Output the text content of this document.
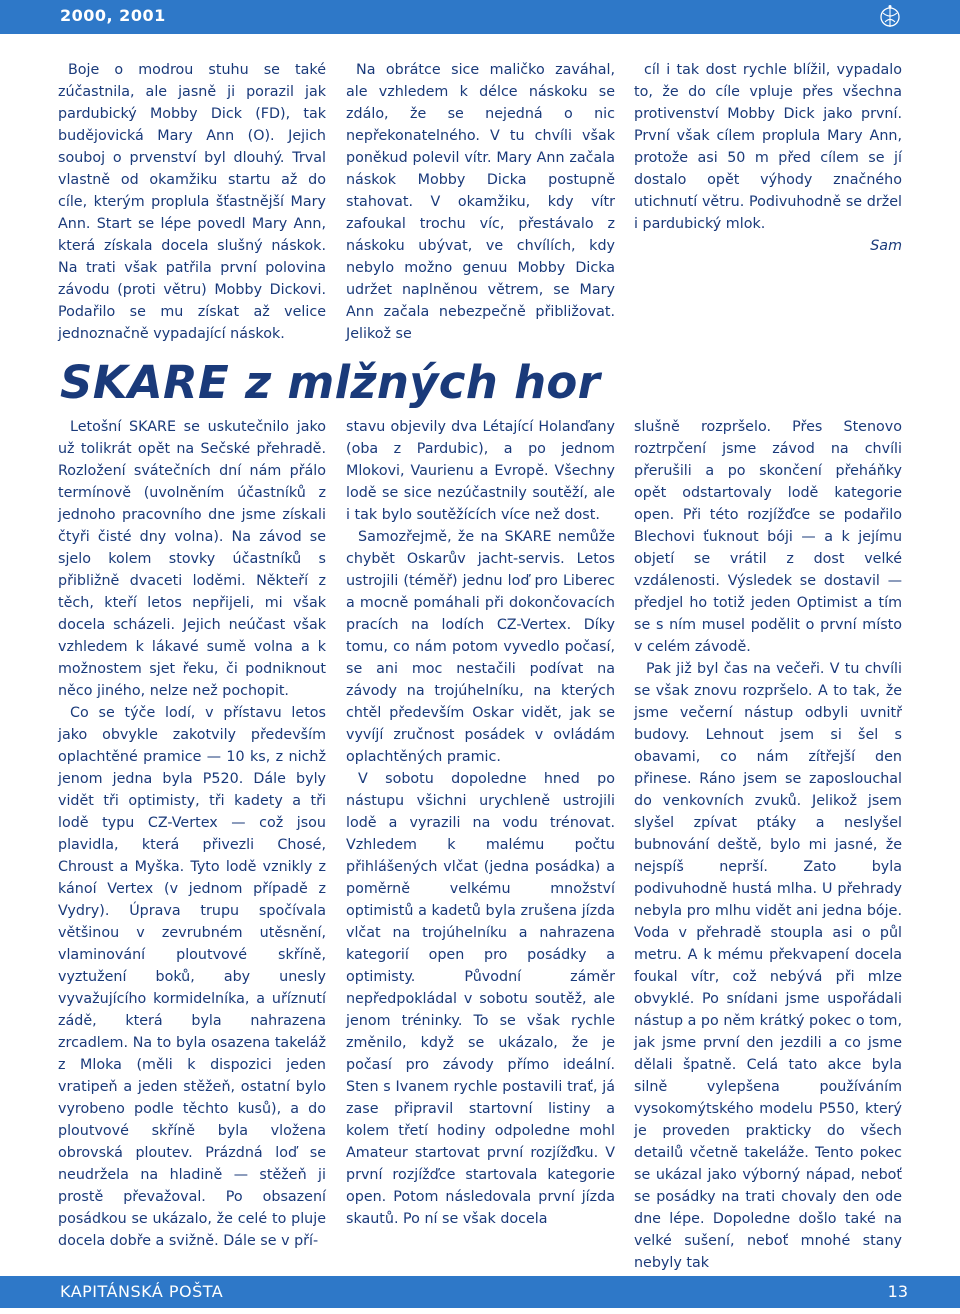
2000, 2001

Boje o modrou stuhu se také zúčastnila, ale jasně ji porazil jak pardubický Mobby Dick (FD), tak budějovická Mary Ann (O). Jejich souboj o prvenství byl dlouhý. Trval vlastně od okamžiku startu až do cíle, kterým proplula šťastnější Mary Ann. Start se lépe povedl Mary Ann, která získala docela slušný náskok. Na trati však patřila první polovina závodu (proti větru) Mobby Dickovi. Podařilo se mu získat až velice jednoznačně vypadající náskok.

Na obrátce sice maličko zaváhal, ale vzhledem k délce náskoku se zdálo, že se nejedná o nic nepřekonatelného. V tu chvíli však poněkud polevil vítr. Mary Ann začala náskok Mobby Dicka postupně stahovat. V okamžiku, kdy vítr zafoukal trochu víc, přestávalo z náskoku ubývat, ve chvílích, kdy nebylo možno genuu Mobby Dicka udržet naplněnou větrem, se Mary Ann začala nebezpečně přibližovat. Jelikož se

cíl i tak dost rychle blížil, vypadalo to, že do cíle vpluje přes všechna protivenství Mobby Dick jako první. První však cílem proplula Mary Ann, protože asi 50 m před cílem se jí dostalo opět výhody značného utichnutí větru. Podivuhodně se držel i pardubický mlok.

Sam

SKARE z mlžných hor

Letošní SKARE se uskutečnilo jako už tolikrát opět na Sečské přehradě. Rozložení svátečních dní nám přálo termínově (uvolněním účastníků z jednoho pracovního dne jsme získali čtyři čisté dny volna). Na závod se sjelo kolem stovky účastníků s přibližně dvaceti loděmi. Někteří z těch, kteří letos nepřijeli, mi však docela scházeli. Jejich neúčast však vzhledem k lákavé sumě volna a k možnostem sjet řeku, či podniknout něco jiného, nelze než pochopit.

Co se týče lodí, v přístavu letos jako obvykle zakotvily především oplachtěné pramice — 10 ks, z nichž jenom jedna byla P520. Dále byly vidět tři optimisty, tři kadety a tři lodě typu CZ-Vertex — což jsou plavidla, která přivezli Chosé, Chroust a Myška. Tyto lodě vznikly z kánoí Vertex (v jednom případě z Vydry). Úprava trupu spočívala většinou v zevrubném utěsnění, vlaminování ploutvové skříně, vyztužení boků, aby unesly vyvažujícího kormidelníka, a uříznutí zádě, která byla nahrazena zrcadlem. Na to byla osazena takeláž z Mloka (měli k dispozici jeden vratipeň a jeden stěžeň, ostatní bylo vyrobeno podle těchto kusů), a do ploutvové skříně byla vložena obrovská ploutev. Prázdná loď se neudržela na hladině — stěžeň ji prostě převažoval. Po obsazení posádkou se ukázalo, že celé to pluje docela dobře a svižně. Dále se v pří-

stavu objevily dva Létající Holanďany (oba z Pardubic), a po jednom Mlokovi, Vaurienu a Evropě. Všechny lodě se sice nezúčastnily soutěží, ale i tak bylo soutěžících více než dost.

Samozřejmě, že na SKARE nemůže chybět Oskarův jacht-servis. Letos ustrojili (téměř) jednu loď pro Liberec a mocně pomáhali při dokončovacích pracích na lodích CZ-Vertex. Díky tomu, co nám potom vyvedlo počasí, se ani moc nestačili podívat na závody na trojúhelníku, na kterých chtěl především Oskar vidět, jak se vyvíjí zručnost posádek v ovládám oplachtěných pramic.

V sobotu dopoledne hned po nástupu všichni urychleně ustrojili lodě a vyrazili na vodu trénovat. Vzhledem k malému počtu přihlášených vlčat (jedna posádka) a poměrně velkému množství optimistů a kadetů byla zrušena jízda vlčat na trojúhelníku a nahrazena kategorií open pro posádky a optimisty. Původní záměr nepředpokládal v sobotu soutěž, ale jenom tréninky. To se však rychle změnilo, když se ukázalo, že je počasí pro závody přímo ideální. Sten s Ivanem rychle postavili trať, já zase připravil startovní listiny a kolem třetí hodiny odpoledne mohl Amateur startovat první rozjížďku. V první rozjížďce startovala kategorie open. Potom následovala první jízda skautů. Po ní se však docela

slušně rozpršelo. Přes Stenovo roztrpčení jsme závod na chvíli přerušili a po skončení přeháňky opět odstartovaly lodě kategorie open. Při této rozjížďce se podařilo Blechovi ťuknout bóji — a k jejímu objetí se vrátil z dost velké vzdálenosti. Výsledek se dostavil — předjel ho totiž jeden Optimist a tím se s ním musel podělit o první místo v celém závodě.

Pak již byl čas na večeři. V tu chvíli se však znovu rozpršelo. A to tak, že jsme večerní nástup odbyli uvnitř budovy. Lehnout jsem si šel s obavami, co nám zítřejší den přinese. Ráno jsem se zaposlouchal do venkovních zvuků. Jelikož jsem slyšel zpívat ptáky a neslyšel bubnování deště, bylo mi jasné, že nejspíš neprší. Zato byla podivuhodně hustá mlha. U přehrady nebyla pro mlhu vidět ani jedna bóje. Voda v přehradě stoupla asi o půl metru. A k mému překvapení docela foukal vítr, což nebývá při mlze obvyklé. Po snídani jsme uspořádali nástup a po něm krátký pokec o tom, jak jsme první den jezdili a co jsme dělali špatně. Celá tato akce byla silně vylepšena používáním vysokomýtského modelu P550, který je proveden prakticky do všech detailů včetně takeláže. Tento pokec se ukázal jako výborný nápad, neboť se posádky na trati chovaly den ode dne lépe. Dopoledne došlo také na velké sušení, neboť mnohé stany nebyly tak

KAPITÁNSKÁ POŠTA	13
